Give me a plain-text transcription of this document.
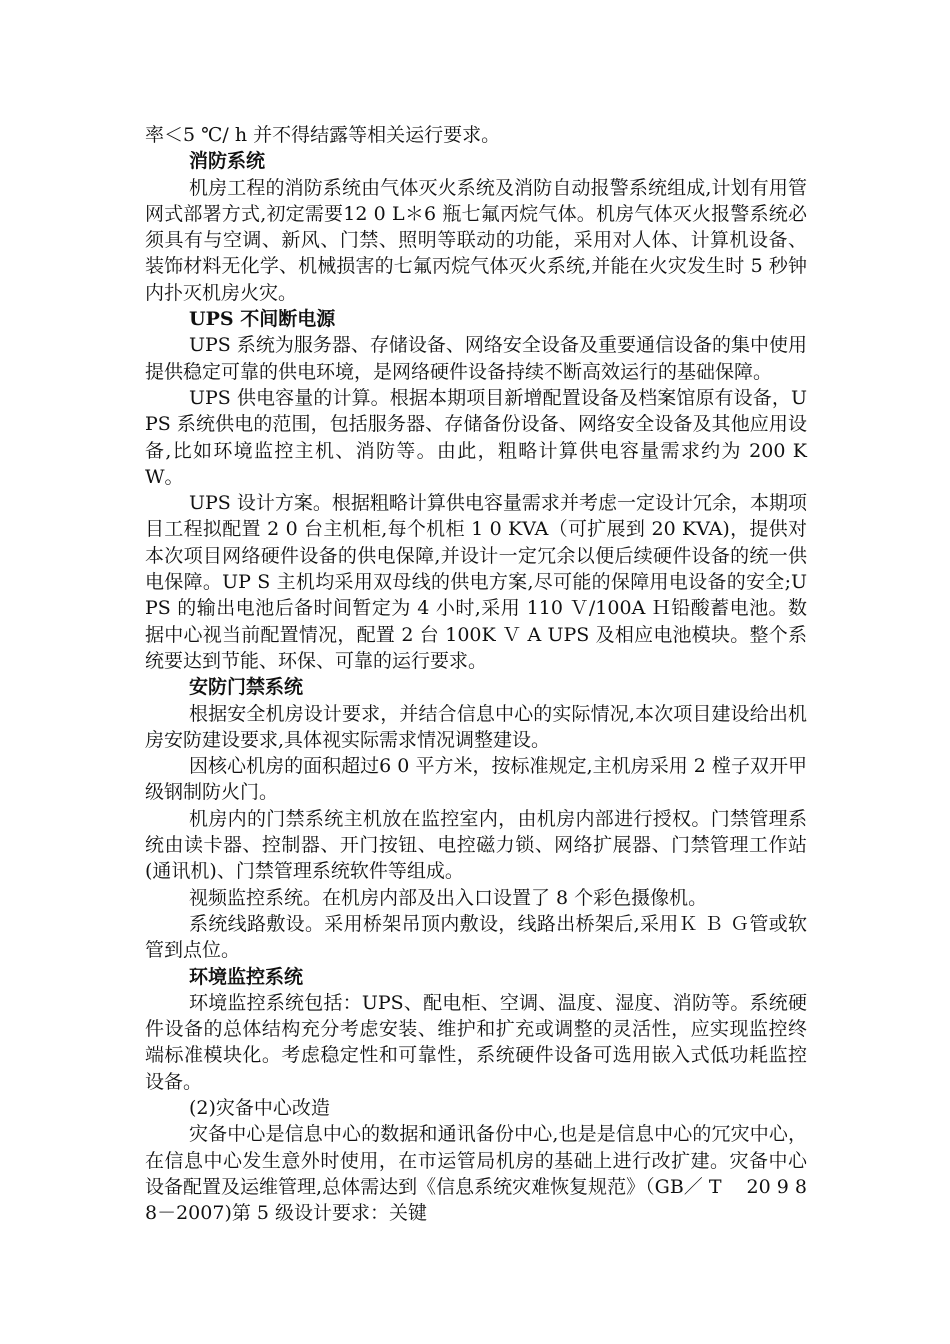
率＜5 ℃/ h 并不得结露等相关运行要求。

消防系统

机房工程的消防系统由气体灭火系统及消防自动报警系统组成,计划有用管网式部署方式,初定需要12 0 L＊6 瓶七氟丙烷气体。机房气体灭火报警系统必须具有与空调、新风、门禁、照明等联动的功能，采用对人体、计算机设备、装饰材料无化学、机械损害的七氟丙烷气体灭火系统,并能在火灾发生时 5 秒钟内扑灭机房火灾。

UPS 不间断电源

UPS 系统为服务器、存储设备、网络安全设备及重要通信设备的集中使用提供稳定可靠的供电环境，是网络硬件设备持续不断高效运行的基础保障。

UPS 供电容量的计算。根据本期项目新增配置设备及档案馆原有设备，UPS 系统供电的范围，包括服务器、存储备份设备、网络安全设备及其他应用设备,比如环境监控主机、消防等。由此，粗略计算供电容量需求约为 200 K W。

UPS 设计方案。根据粗略计算供电容量需求并考虑一定设计冗余，本期项目工程拟配置 2 0 台主机柜,每个机柜 1 0 KVA（可扩展到 20 KVA)，提供对本次项目网络硬件设备的供电保障,并设计一定冗余以便后续硬件设备的统一供电保障。UP S 主机均采用双母线的供电方案,尽可能的保障用电设备的安全;UPS 的输出电池后备时间暂定为 4 小时,采用 110 Ｖ/100A Ｈ铅酸蓄电池。数据中心视当前配置情况，配置 2 台 100K Ｖ A UPS 及相应电池模块。整个系统要达到节能、环保、可靠的运行要求。

安防门禁系统

根据安全机房设计要求，并结合信息中心的实际情况,本次项目建设给出机房安防建设要求,具体视实际需求情况调整建设。

因核心机房的面积超过6 0 平方米，按标准规定,主机房采用 2 樘子双开甲级钢制防火门。

机房内的门禁系统主机放在监控室内，由机房内部进行授权。门禁管理系统由读卡器、控制器、开门按钮、电控磁力锁、网络扩展器、门禁管理工作站(通讯机)、门禁管理系统软件等组成。

视频监控系统。在机房内部及出入口设置了 8 个彩色摄像机。

系统线路敷设。采用桥架吊顶内敷设，线路出桥架后,采用Ｋ Ｂ Ｇ管或软管到点位。

环境监控系统

环境监控系统包括：UPS、配电柜、空调、温度、湿度、消防等。系统硬件设备的总体结构充分考虑安装、维护和扩充或调整的灵活性，应实现监控终端标准模块化。考虑稳定性和可靠性，系统硬件设备可选用嵌入式低功耗监控设备。

(2)灾备中心改造

灾备中心是信息中心的数据和通讯备份中心,也是是信息中心的冗灾中心，在信息中心发生意外时使用，在市运管局机房的基础上进行改扩建。灾备中心设备配置及运维管理,总体需达到《信息系统灾难恢复规范》（GB／ T　 20 9 88－2007)第 5 级设计要求：关键
